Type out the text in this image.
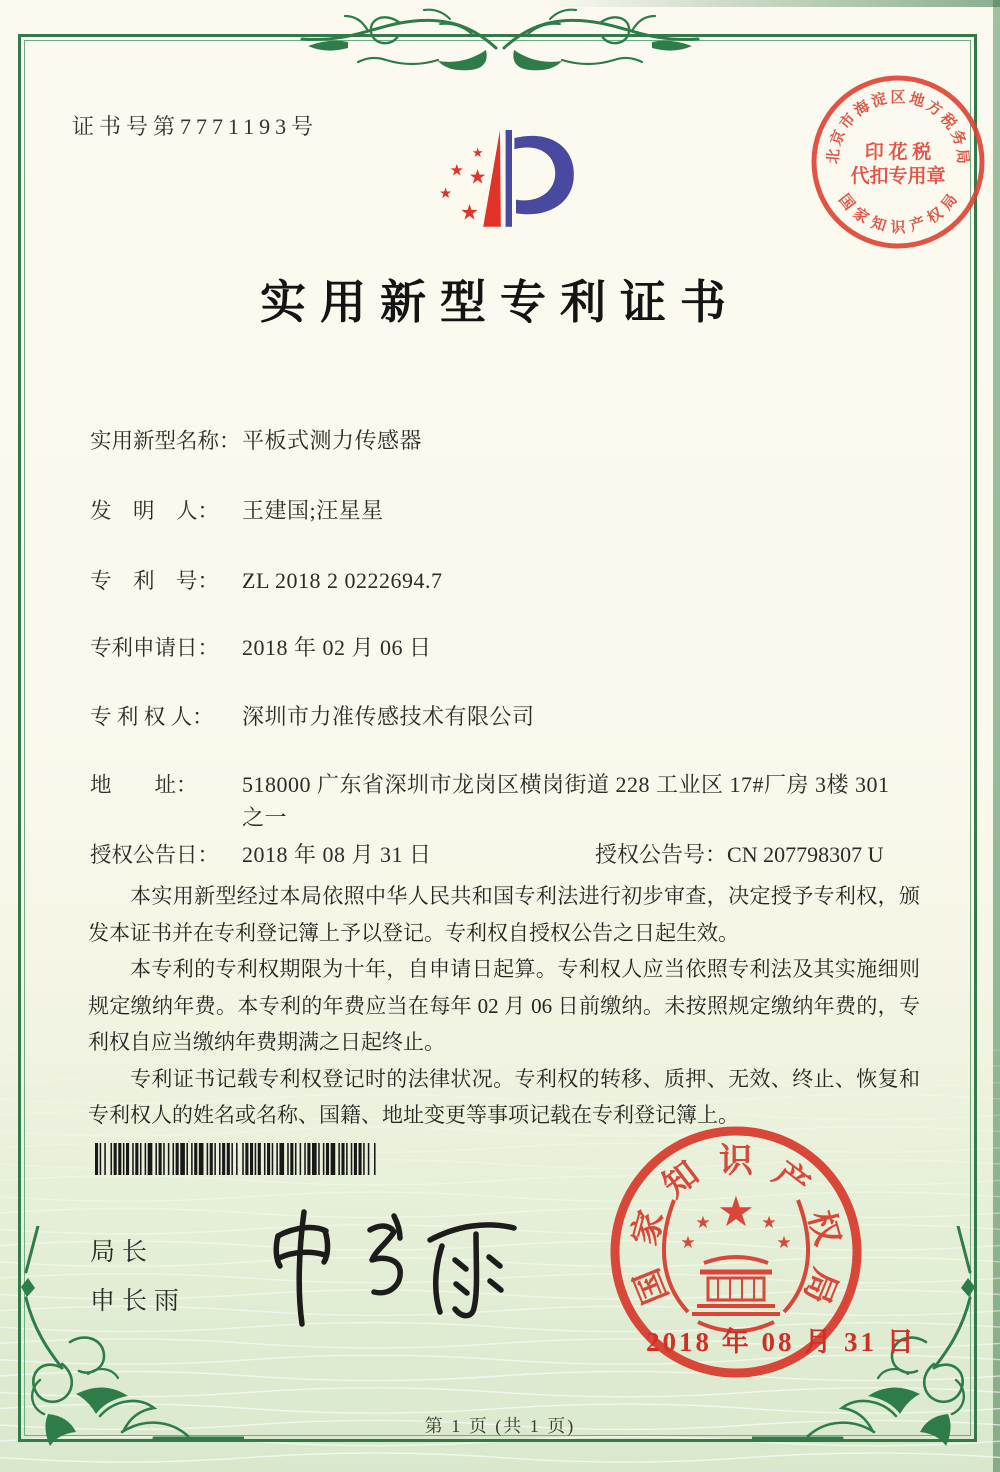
证书号第7771193号
★
★ ★
★
★
实用新型专利证书
实用新型名称：平板式测力传感器
发　明　人： 王建国;汪星星
专　利　号： ZL 2018 2 0222694.7
专利申请日： 2018 年 02 月 06 日
专 利 权 人： 深圳市力准传感技术有限公司
地　　址： 518000 广东省深圳市龙岗区横岗街道 228 工业区 17#厂房 3楼 301 之一
授权公告日： 2018 年 08 月 31 日	授权公告号：CN 207798307 U

本实用新型经过本局依照中华人民共和国专利法进行初步审查，决定授予专利权，颁发本证书并在专利登记簿上予以登记。专利权自授权公告之日起生效。

本专利的专利权期限为十年，自申请日起算。专利权人应当依照专利法及其实施细则规定缴纳年费。本专利的年费应当在每年 02 月 06 日前缴纳。未按照规定缴纳年费的，专利权自应当缴纳年费期满之日起终止。

专利证书记载专利权登记时的法律状况。专利权的转移、质押、无效、终止、恢复和专利权人的姓名或名称、国籍、地址变更等事项记载在专利登记簿上。

局长
申长雨
★
★
★
★
★
国
家
知 识 产
权
局
2018 年 08 月 31 日
印 花 税
代扣专用章
北
京
市
海
淀 区 地
方
税
务
局
国
家
知 识 产
权
局
第 1 页 (共 1 页)
